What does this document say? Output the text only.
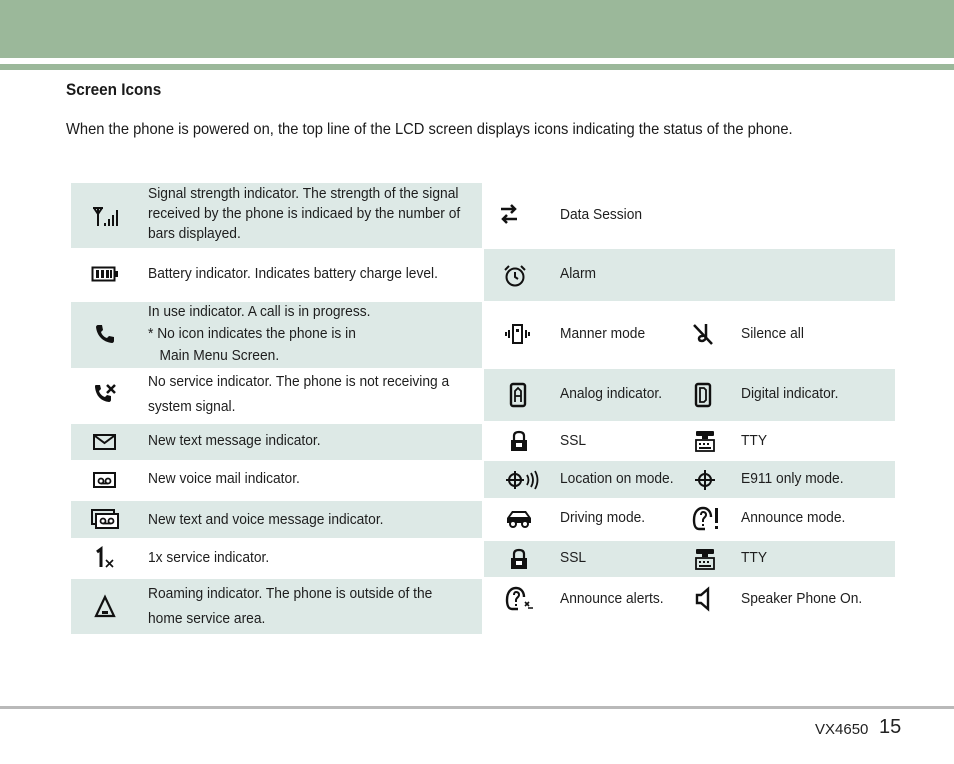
Screen Icons
When the phone is powered on, the top line of the LCD screen displays icons indicating the status of the phone.
Signal strength indicator. The strength of the signal
received by the phone is indicaed by the number of
bars displayed.
Battery indicator. Indicates battery charge level.
In use indicator. A call is in progress.
* No icon indicates the phone is in
Main Menu Screen.
No service indicator. The phone is not receiving a
system signal.
New text message indicator.
New voice mail indicator.
New text and voice message indicator.
1x service indicator.
Roaming indicator. The phone is outside of the
home service area.
Data Session
Alarm
Manner mode	Silence all
Analog indicator.	Digital indicator.
SSL	TTY
Location on mode.	E911 only mode.
Driving mode.	Announce mode.
SSL	TTY
Announce alerts.	Speaker Phone On.
VX4650 15
